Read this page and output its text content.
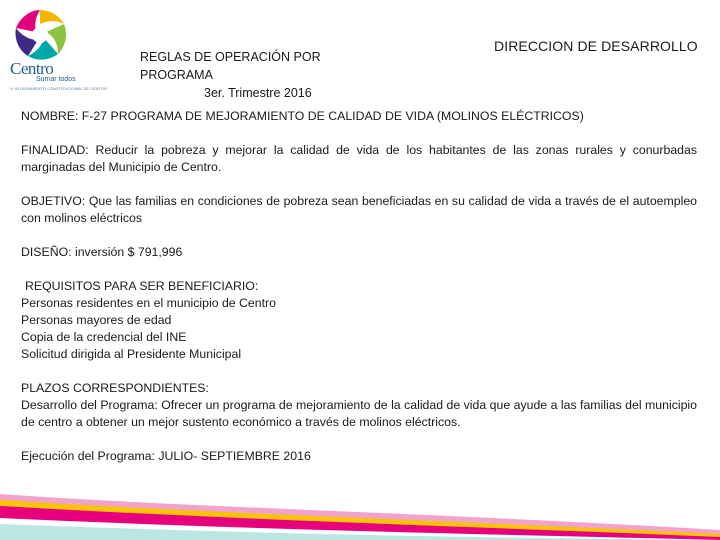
Centro
Sumar todos
H. AYUNTAMIENTO CONSTITUCIONAL DE CENTRO
REGLAS DE OPERACIÓN POR PROGRAMA
3er. Trimestre 2016
DIRECCION DE DESARROLLO

NOMBRE: F-27 PROGRAMA DE MEJORAMIENTO DE CALIDAD DE VIDA (MOLINOS ELÉCTRICOS)

FINALIDAD: Reducir la pobreza y mejorar la calidad de vida de los habitantes de las zonas rurales y conurbadas marginadas del Municipio de Centro.

OBJETIVO: Que las familias en condiciones de pobreza sean beneficiadas en su calidad de vida a través de el autoempleo con molinos eléctricos

DISEÑO: inversión $ 791,996

REQUISITOS PARA SER BENEFICIARIO:

Personas residentes en el municipio de Centro

Personas mayores de edad

Copia de la credencial del INE

Solicitud dirigida al Presidente Municipal

PLAZOS CORRESPONDIENTES:

Desarrollo del Programa: Ofrecer un programa de mejoramiento de la calidad de vida que ayude a las familias del municipio de centro a obtener un mejor sustento económico a través de molinos eléctricos.

Ejecución del Programa: JULIO- SEPTIEMBRE 2016
